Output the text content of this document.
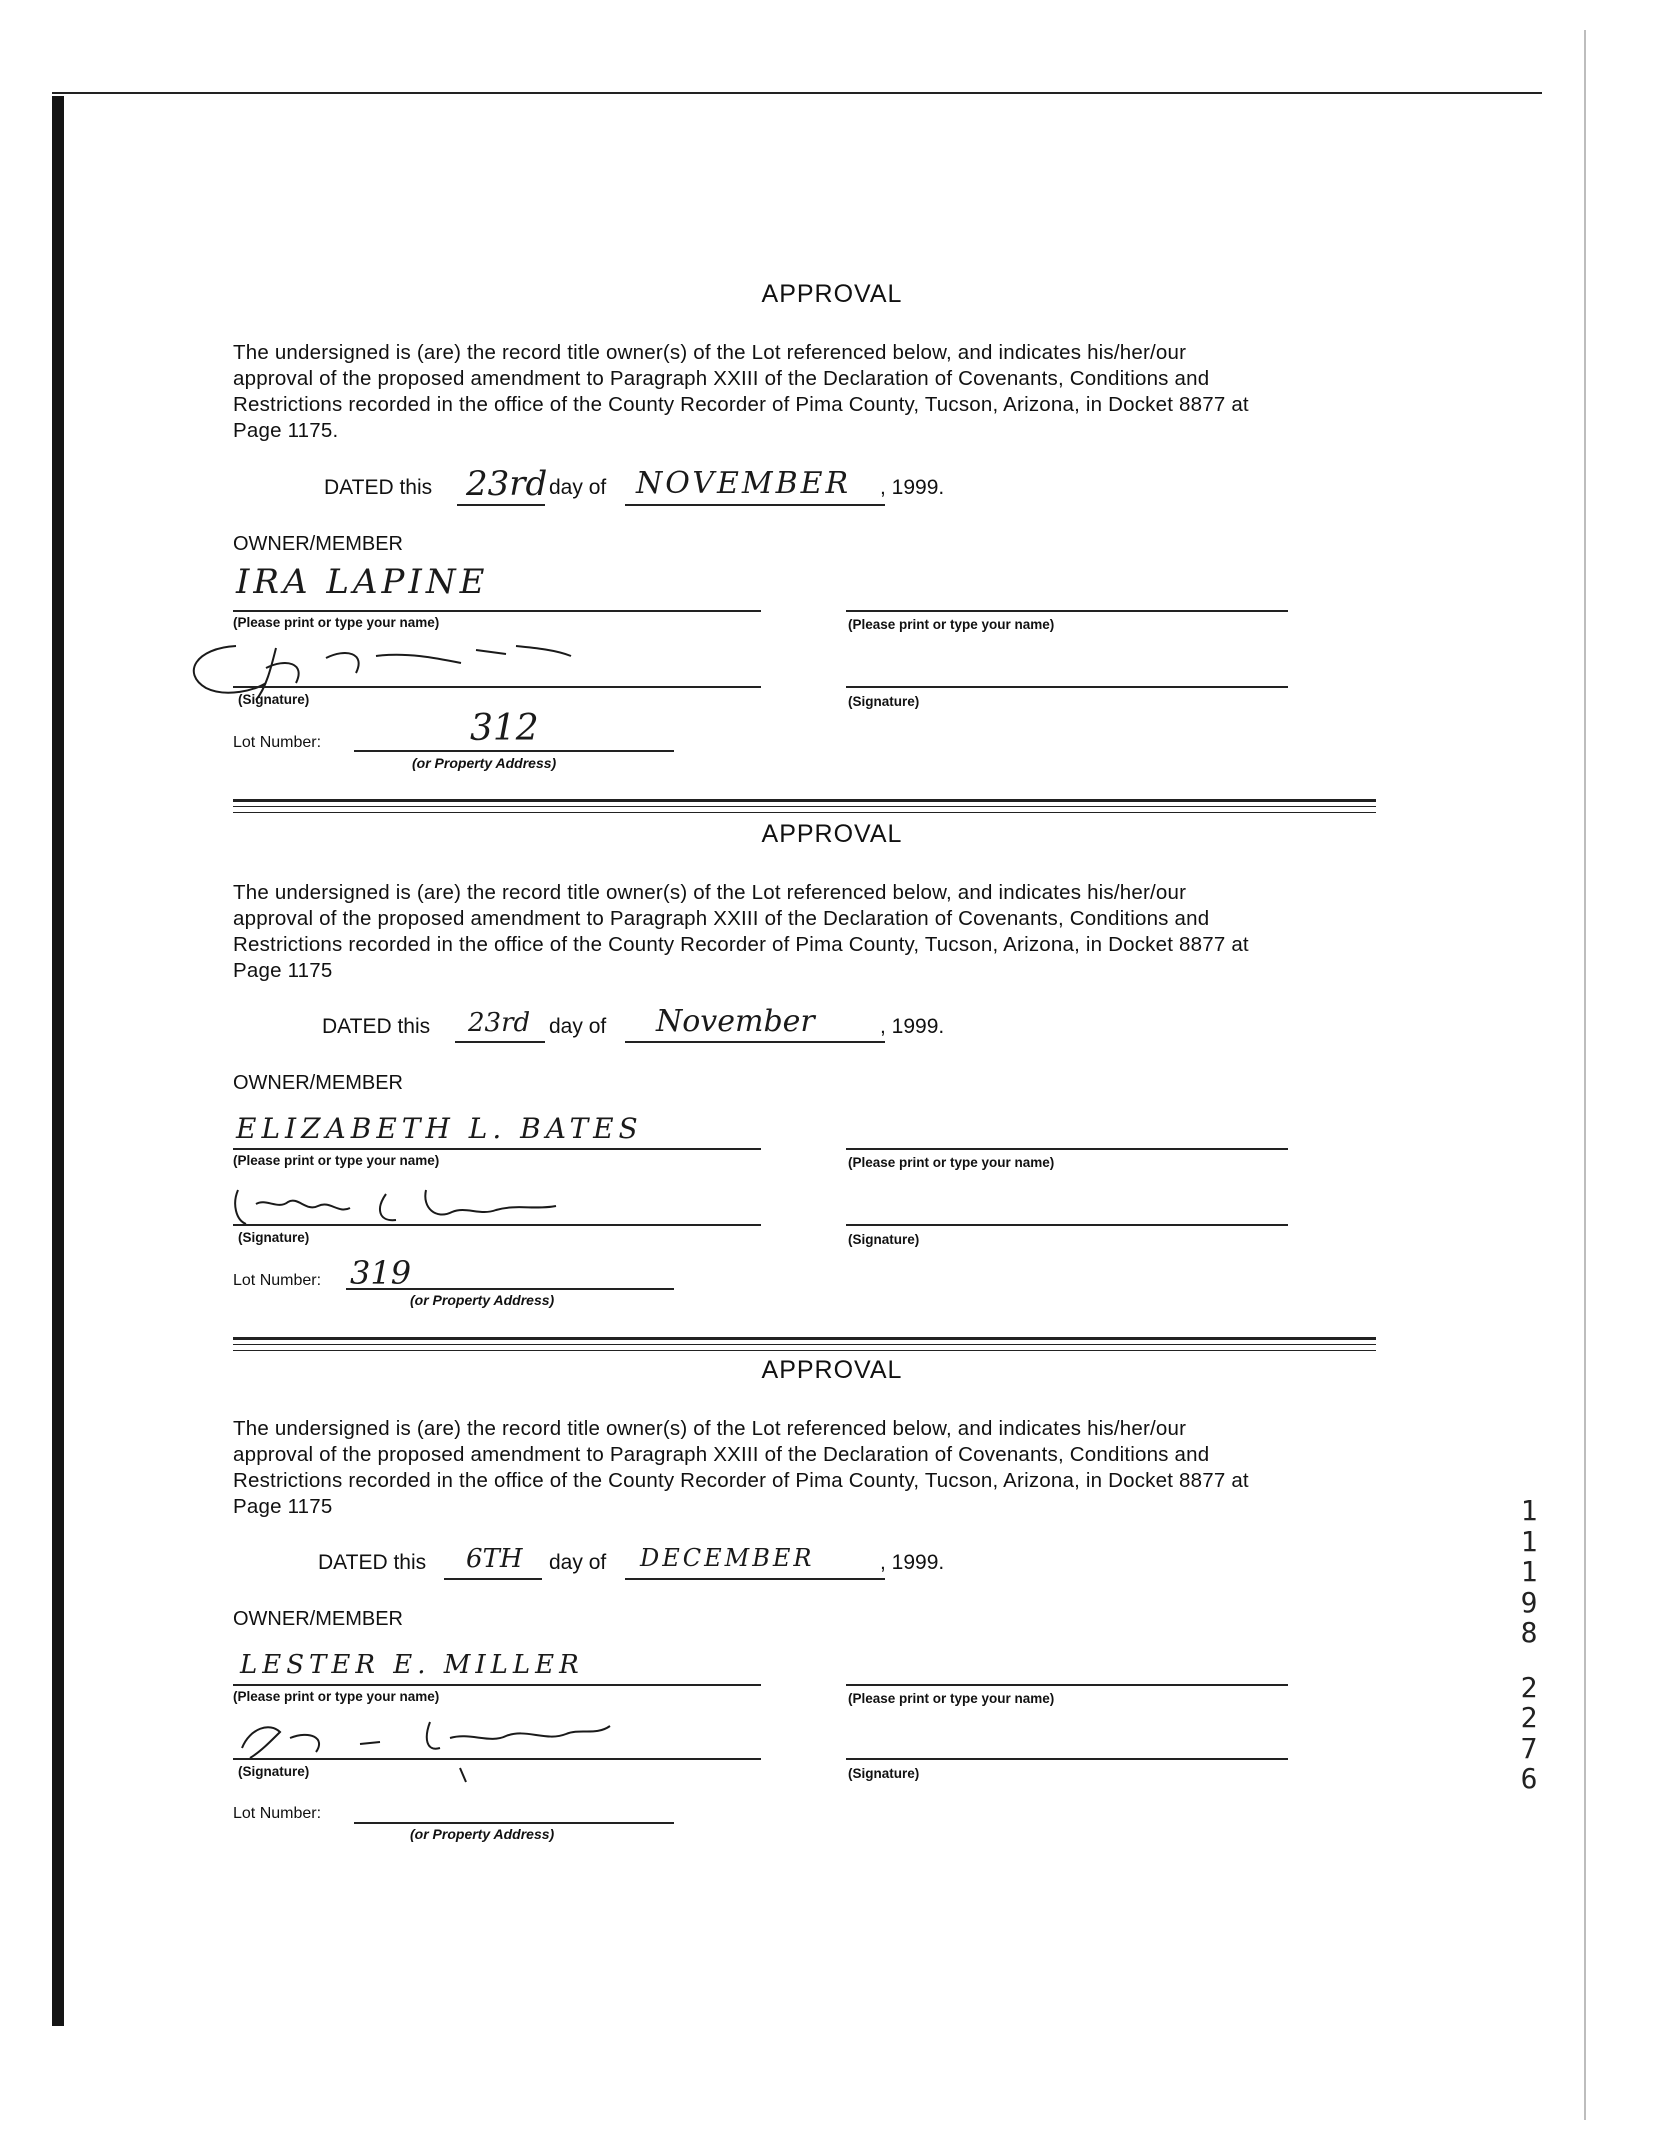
APPROVAL
The undersigned is (are) the record title owner(s) of the Lot referenced below, and indicates his/her/our
approval of the proposed amendment to Paragraph XXIII of the Declaration of Covenants, Conditions and
Restrictions recorded in the office of the County Recorder of Pima County, Tucson, Arizona, in Docket 8877 at
Page 1175.
DATED this 23rd day of NOVEMBER , 1999.
OWNER/MEMBER
IRA LAPINE
(Please print or type your name)	(Please print or type your name)
(Signature)	(Signature)
Lot Number:	312
(or Property Address)
APPROVAL
The undersigned is (are) the record title owner(s) of the Lot referenced below, and indicates his/her/our
approval of the proposed amendment to Paragraph XXIII of the Declaration of Covenants, Conditions and
Restrictions recorded in the office of the County Recorder of Pima County, Tucson, Arizona, in Docket 8877 at
Page 1175
DATED this 23rd day of November	, 1999.
OWNER/MEMBER
ELIZABETH L. BATES
(Please print or type your name)	(Please print or type your name)
(Signature)	(Signature)
Lot Number: 319
(or Property Address)
APPROVAL
The undersigned is (are) the record title owner(s) of the Lot referenced below, and indicates his/her/our
approval of the proposed amendment to Paragraph XXIII of the Declaration of Covenants, Conditions and
Restrictions recorded in the office of the County Recorder of Pima County, Tucson, Arizona, in Docket 8877 at
Page 1175
DATED this 6TH day of DECEMBER	, 1999.
OWNER/MEMBER
LESTER E. MILLER
(Please print or type your name)	(Please print or type your name)
(Signature)	(Signature)
Lot Number:
(or Property Address)
1
1
1
9
8
2
2
7
6
